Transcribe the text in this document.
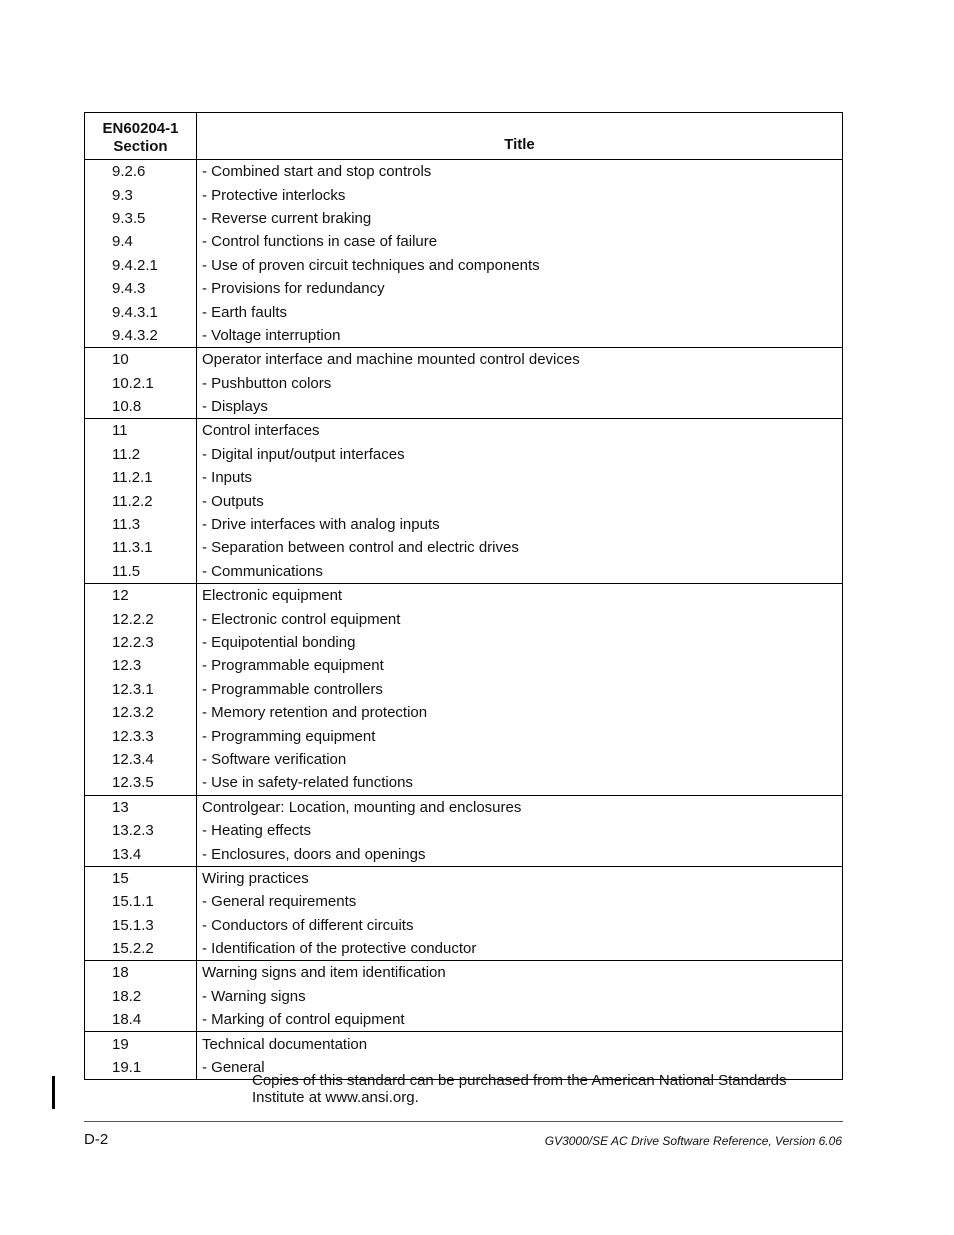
EN60204-1
Section	Title
9.2.6	- Combined start and stop controls
9.3	- Protective interlocks
9.3.5	- Reverse current braking
9.4	- Control functions in case of failure
9.4.2.1	- Use of proven circuit techniques and components
9.4.3	- Provisions for redundancy
9.4.3.1	- Earth faults
9.4.3.2	- Voltage interruption
10	Operator interface and machine mounted control devices
10.2.1	- Pushbutton colors
10.8	- Displays
11	Control interfaces
11.2	- Digital input/output interfaces
11.2.1	- Inputs
11.2.2	- Outputs
11.3	- Drive interfaces with analog inputs
11.3.1	- Separation between control and electric drives
11.5	- Communications
12	Electronic equipment
12.2.2	- Electronic control equipment
12.2.3	- Equipotential bonding
12.3	- Programmable equipment
12.3.1	- Programmable controllers
12.3.2	- Memory retention and protection
12.3.3	- Programming equipment
12.3.4	- Software verification
12.3.5	- Use in safety-related functions
13	Controlgear: Location, mounting and enclosures
13.2.3	- Heating effects
13.4	- Enclosures, doors and openings
15	Wiring practices
15.1.1	- General requirements
15.1.3	- Conductors of different circuits
15.2.2	- Identification of the protective conductor
18	Warning signs and item identification
18.2	- Warning signs
18.4	- Marking of control equipment
19	Technical documentation
19.1	- General
Copies of this standard can be purchased from the American National Standards Institute at www.ansi.org.
D-2	GV3000/SE AC Drive Software Reference, Version 6.06
